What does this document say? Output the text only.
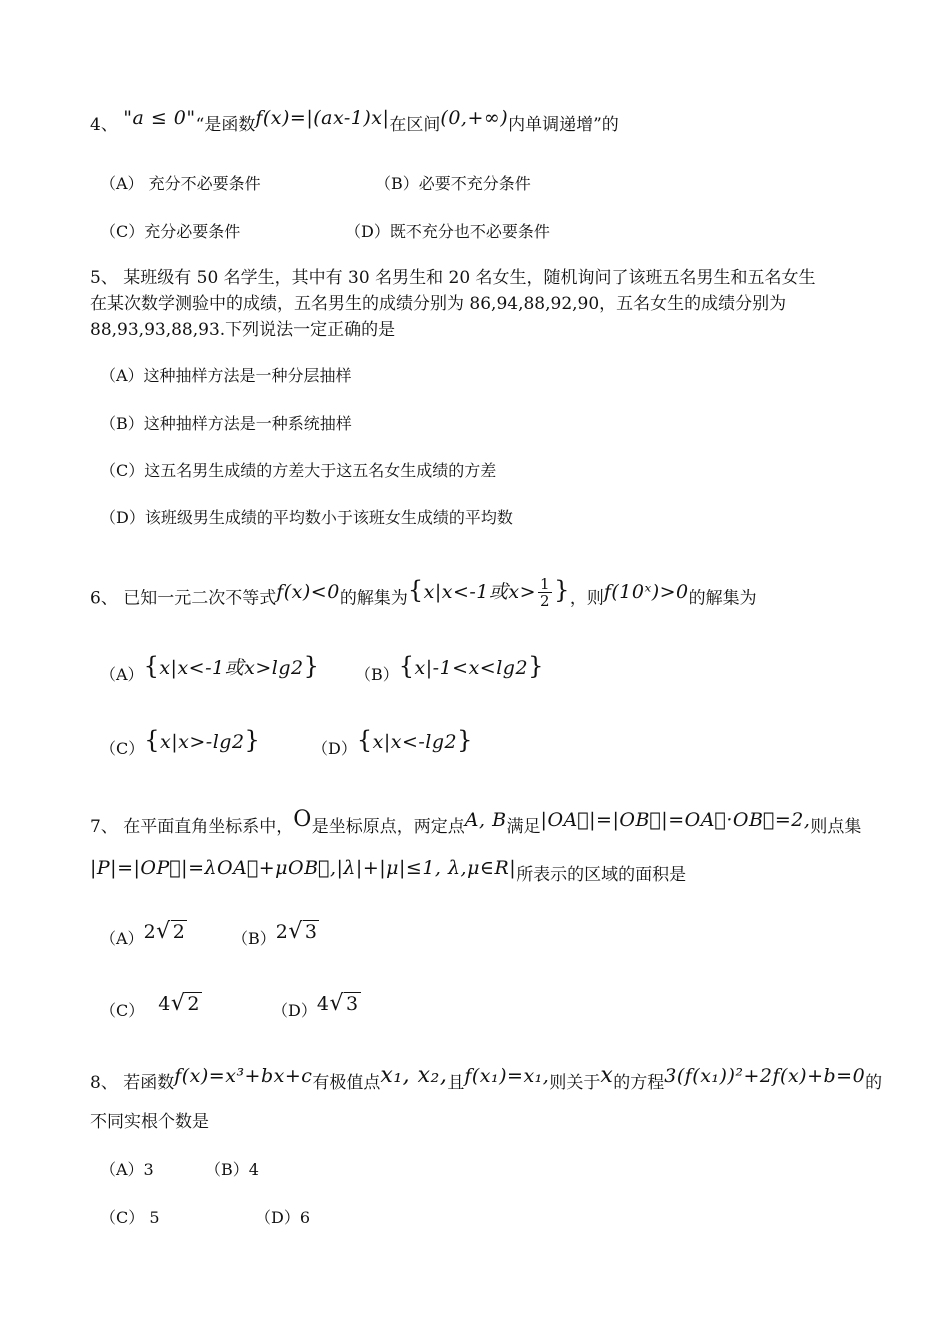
4、 "a ≤ 0"“是函数f(x)=|(ax-1)x|在区间(0,+∞)内单调递增”的
（A） 充分不必要条件	（B）必要不充分条件
（C）充分必要条件	（D）既不充分也不必要条件
5、 某班级有 50 名学生，其中有 30 名男生和 20 名女生，随机询问了该班五名男生和五名女生
在某次数学测验中的成绩，五名男生的成绩分别为 86,94,88,92,90，五名女生的成绩分别为
88,93,93,88,93.下列说法一定正确的是
（A）这种抽样方法是一种分层抽样
（B）这种抽样方法是一种系统抽样
（C）这五名男生成绩的方差大于这五名女生成绩的方差
（D）该班级男生成绩的平均数小于该班女生成绩的平均数
6、 已知一元二次不等式f(x)<0的解集为{x|x<-1或$x> \frac{1}{2}$ }，则f(10ˣ)>0的解集为
（A）{x|x<-1或x>lg2} （B）{x|-1<x<lg2}
（C）{x|x>-lg2}	（D）{x|x<-lg2}
7、 在平面直角坐标系中，O是坐标原点，两定点A, B满足|OA⃗|=|OB⃗|=OA⃗·OB⃗=2,则点集
|P|=|OP⃗|=λOA⃗+μOB⃗,|λ|+|μ|≤1, λ,μ∈R|所表示的区域的面积是
（A）2√ 2	（B）2√ 3
（C） 4√ 2	（D）4√ 3
8、 若函数f(x)=x³+bx+c有极值点x₁, x₂,且f(x₁)=x₁,则关于x的方程3(f(x₁))²+2f(x)+b=0的
不同实根个数是
（A）3	（B）4
（C） 5	（D）6
